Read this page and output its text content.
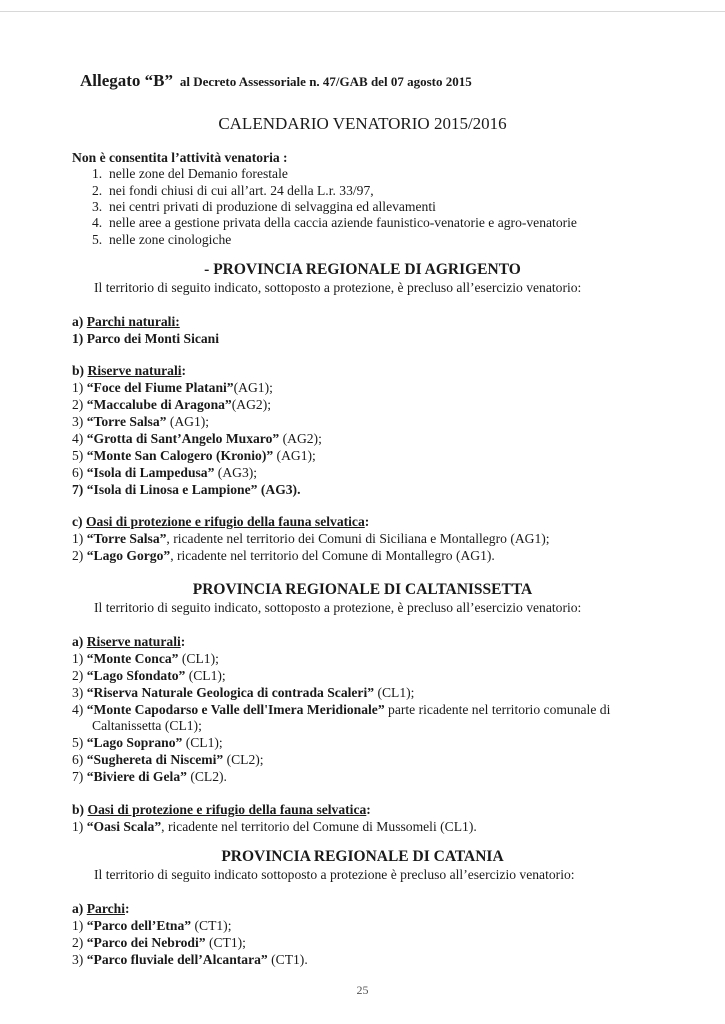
Allegato “B” al Decreto Assessoriale n. 47/GAB del 07 agosto 2015
CALENDARIO VENATORIO 2015/2016
Non è consentita l’attività venatoria :
1. nelle zone del Demanio forestale
2. nei fondi chiusi di cui all’art. 24 della L.r. 33/97,
3. nei centri privati di produzione di selvaggina ed allevamenti
4. nelle aree a gestione privata della caccia aziende faunistico-venatorie e agro-venatorie
5. nelle zone cinologiche
- PROVINCIA REGIONALE DI AGRIGENTO
Il territorio di seguito indicato, sottoposto a protezione, è precluso all’esercizio venatorio:
a) Parchi naturali:
1) Parco dei Monti Sicani
b) Riserve naturali:
1) “Foce del Fiume Platani”(AG1);
2) “Maccalube di Aragona”(AG2);
3) “Torre Salsa” (AG1);
4) “Grotta di Sant’Angelo Muxaro” (AG2);
5) “Monte San Calogero (Kronio)” (AG1);
6) “Isola di Lampedusa” (AG3);
7) “Isola di Linosa e Lampione” (AG3).
c) Oasi di protezione e rifugio della fauna selvatica:
1) “Torre Salsa”, ricadente nel territorio dei Comuni di Siciliana e Montallegro (AG1);
2) “Lago Gorgo”, ricadente nel territorio del Comune di Montallegro (AG1).
PROVINCIA REGIONALE DI CALTANISSETTA
Il territorio di seguito indicato, sottoposto a protezione, è precluso all’esercizio venatorio:
a) Riserve naturali:
1) “Monte Conca” (CL1);
2) “Lago Sfondato” (CL1);
3) “Riserva Naturale Geologica di contrada Scaleri” (CL1);
4) “Monte Capodarso e Valle dell'Imera Meridionale” parte ricadente nel territorio comunale di
Caltanissetta (CL1);
5) “Lago Soprano” (CL1);
6) “Sughereta di Niscemi” (CL2);
7) “Biviere di Gela” (CL2).
b) Oasi di protezione e rifugio della fauna selvatica:
1) “Oasi Scala”, ricadente nel territorio del Comune di Mussomeli (CL1).
PROVINCIA REGIONALE DI CATANIA
Il territorio di seguito indicato sottoposto a protezione è precluso all’esercizio venatorio:
a) Parchi:
1) “Parco dell’Etna” (CT1);
2) “Parco dei Nebrodi” (CT1);
3) “Parco fluviale dell’Alcantara” (CT1).
25
